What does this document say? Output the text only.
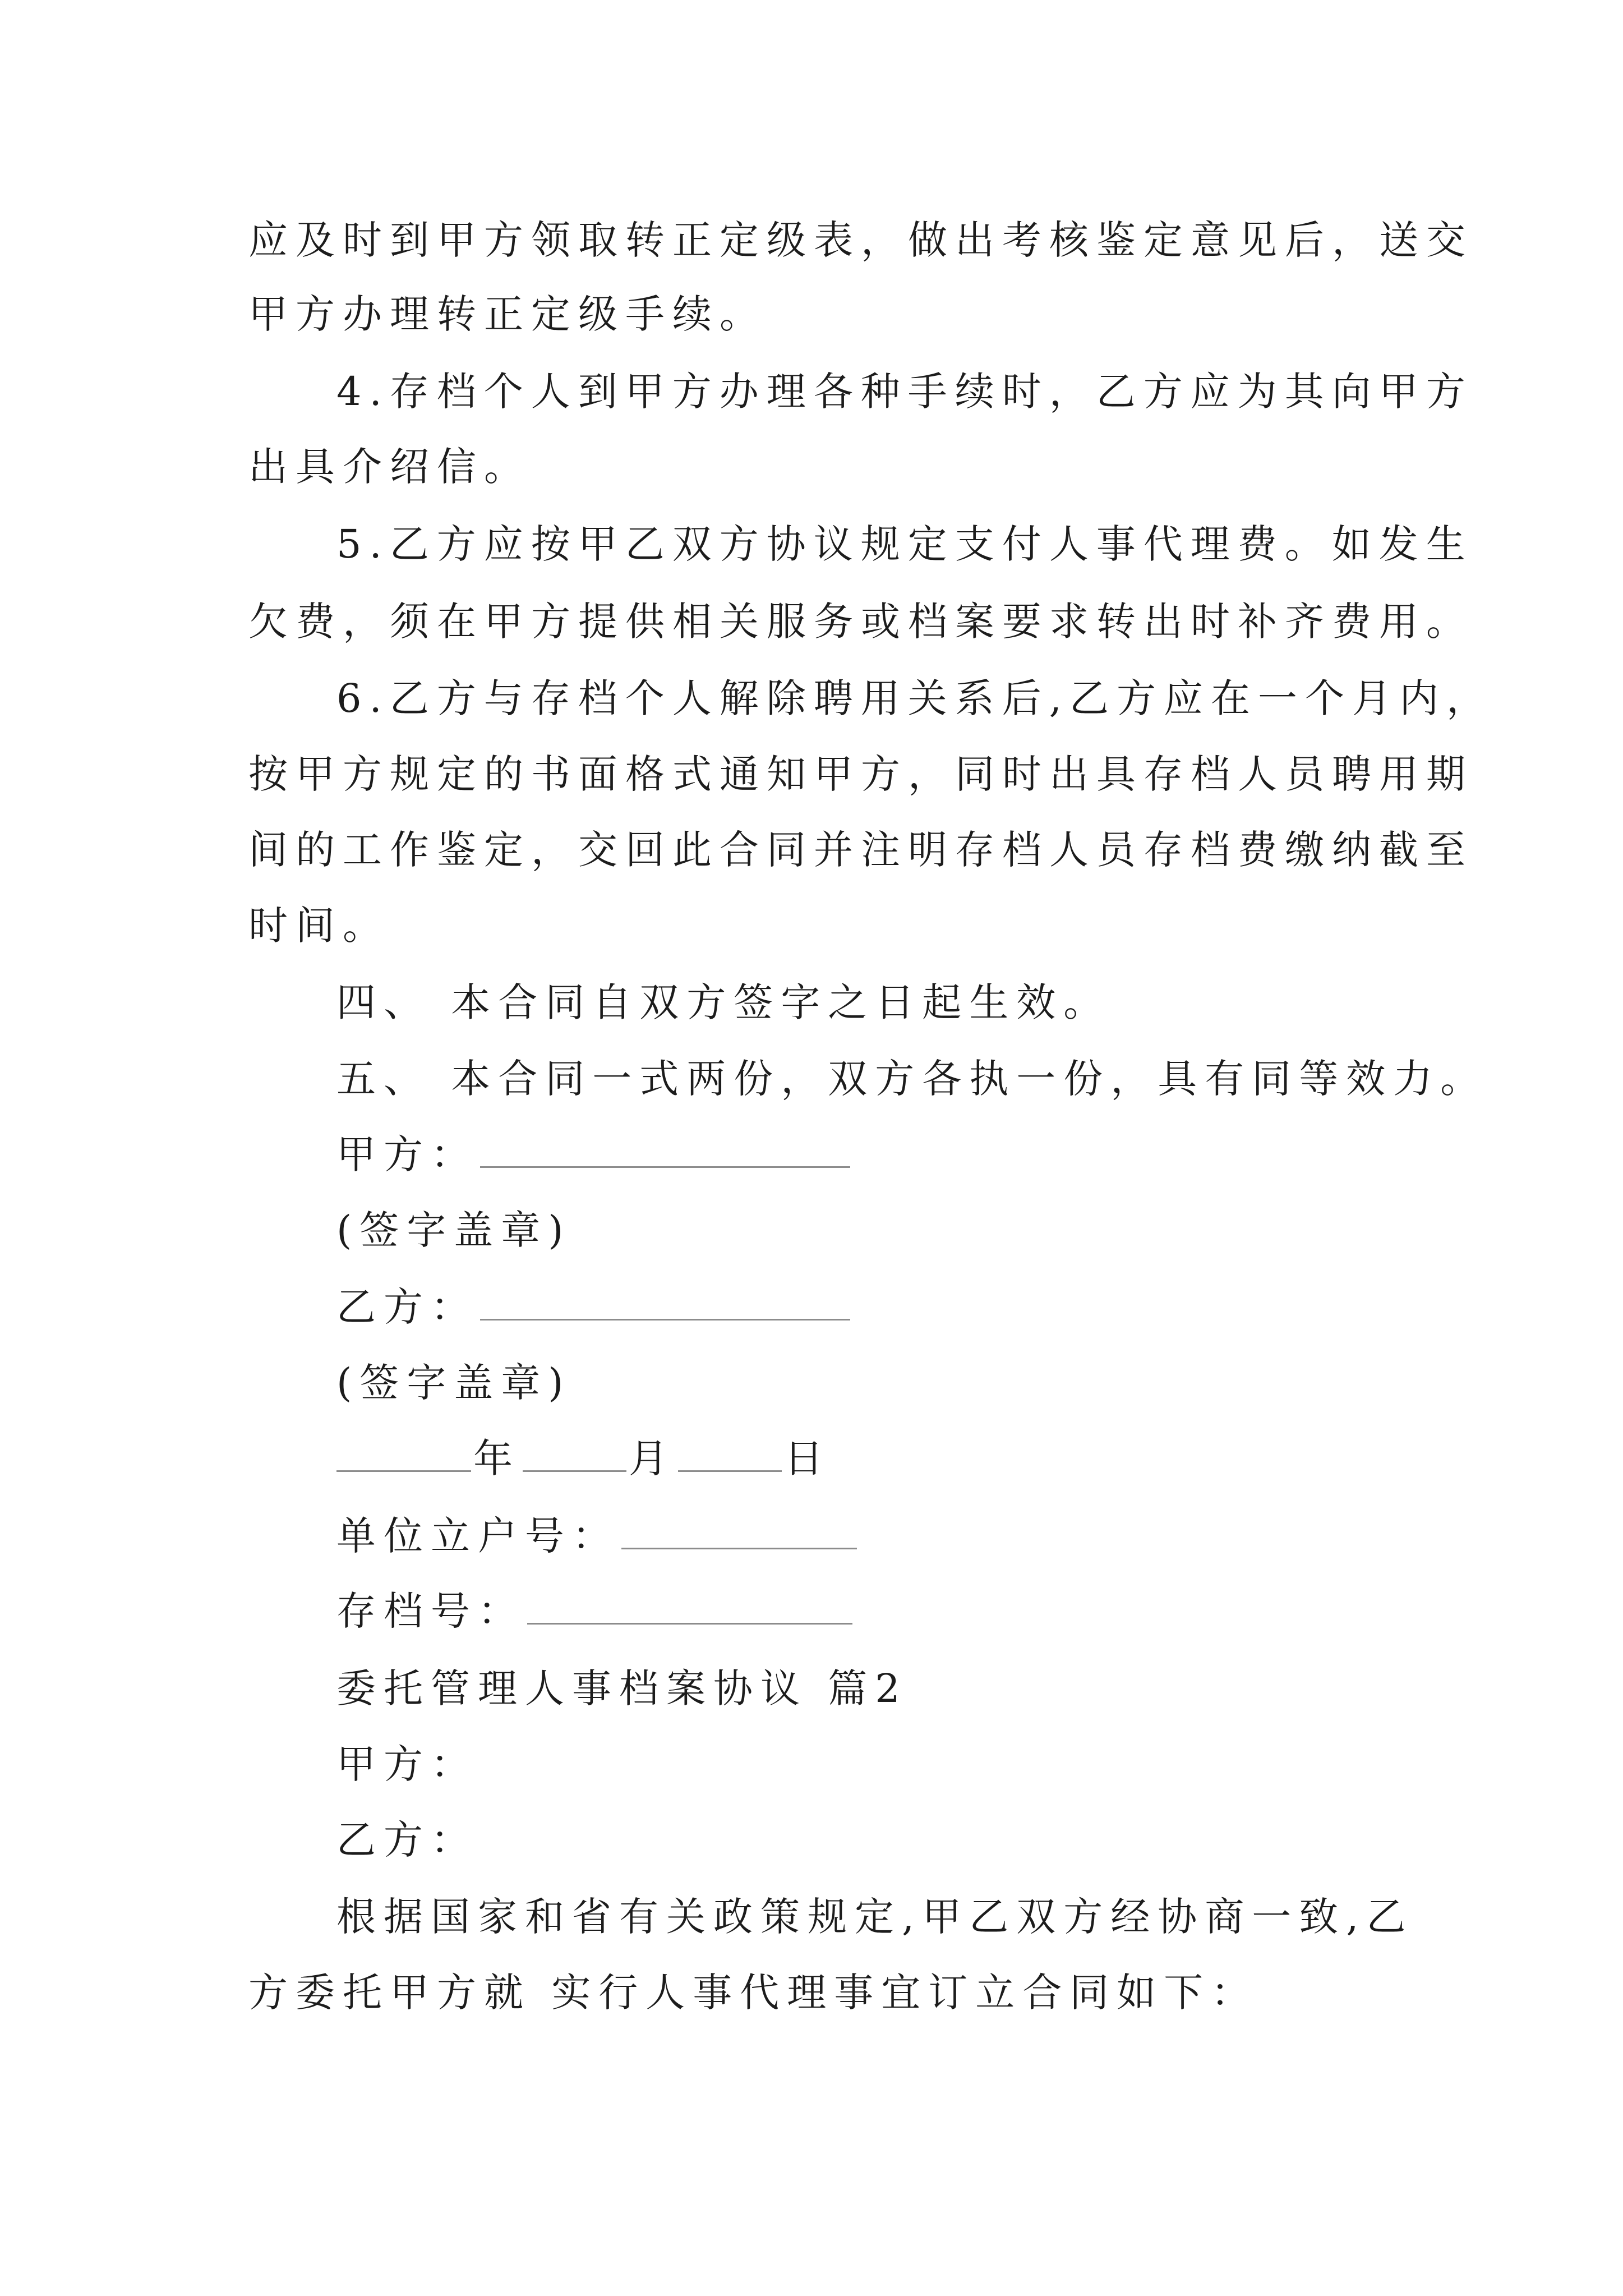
应及时到甲方领取转正定级表，做出考核鉴定意见后，送交
甲方办理转正定级手续。
4.存档个人到甲方办理各种手续时，乙方应为其向甲方
出具介绍信。
5.乙方应按甲乙双方协议规定支付人事代理费。如发生
欠费，须在甲方提供相关服务或档案要求转出时补齐费用。
6.乙方与存档个人解除聘用关系后,乙方应在一个月内，
按甲方规定的书面格式通知甲方，同时出具存档人员聘用期
间的工作鉴定，交回此合同并注明存档人员存档费缴纳截至
时间。
四、 本合同自双方签字之日起生效。
五、 本合同一式两份，双方各执一份，具有同等效力。
甲方：
(签字盖章)
乙方：
(签字盖章)
年	月	日
单位立户号：
存档号：
委托管理人事档案协议 篇2
甲方：
乙方：
根据国家和省有关政策规定,甲乙双方经协商一致,乙
方委托甲方就 实行人事代理事宜订立合同如下：
